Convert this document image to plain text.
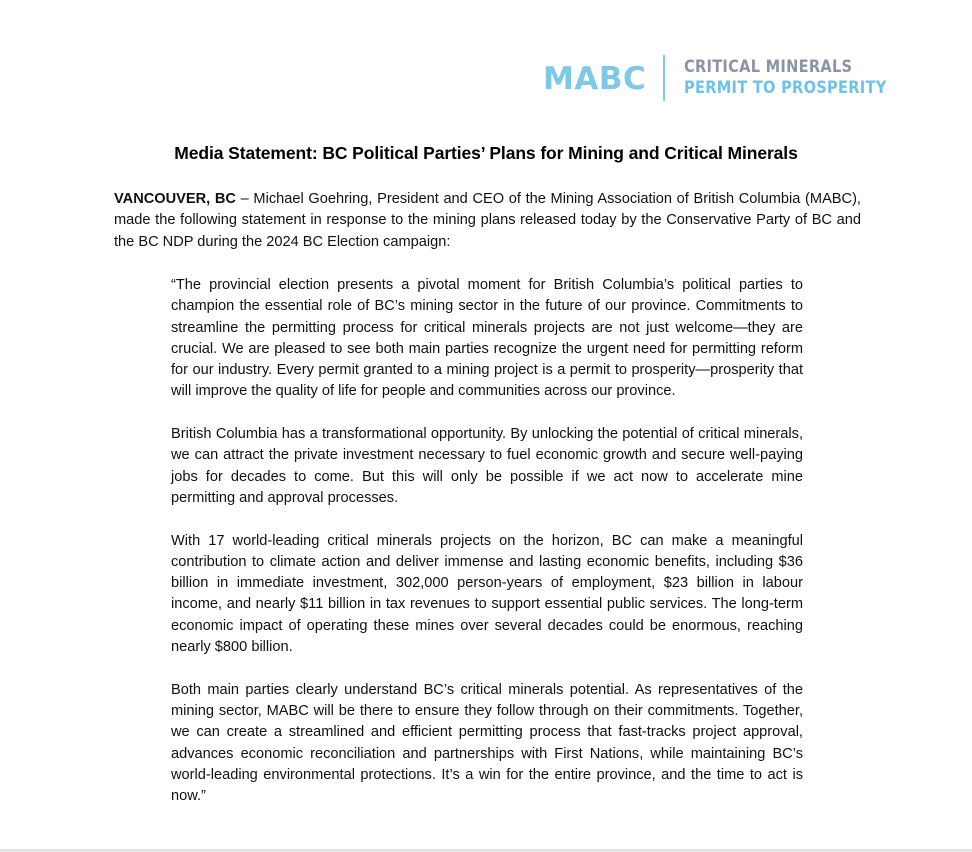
MABC CRITICAL MINERALS
PERMIT TO PROSPERITY
Media Statement: BC Political Parties’ Plans for Mining and Critical Minerals
VANCOUVER, BC – Michael Goehring, President and CEO of the Mining Association of British Columbia (MABC), made the following statement in response to the mining plans released today by the Conservative Party of BC and the BC NDP during the 2024 BC Election campaign:

“The provincial election presents a pivotal moment for British Columbia’s political parties to champion the essential role of BC’s mining sector in the future of our province. Commitments to streamline the permitting process for critical minerals projects are not just welcome—they are crucial. We are pleased to see both main parties recognize the urgent need for permitting reform for our industry. Every permit granted to a mining project is a permit to prosperity—prosperity that will improve the quality of life for people and communities across our province.

British Columbia has a transformational opportunity. By unlocking the potential of critical minerals, we can attract the private investment necessary to fuel economic growth and secure well-paying jobs for decades to come. But this will only be possible if we act now to accelerate mine permitting and approval processes.

With 17 world-leading critical minerals projects on the horizon, BC can make a meaningful contribution to climate action and deliver immense and lasting economic benefits, including $36 billion in immediate investment, 302,000 person-years of employment, $23 billion in labour income, and nearly $11 billion in tax revenues to support essential public services. The long-term economic impact of operating these mines over several decades could be enormous, reaching nearly $800 billion.

Both main parties clearly understand BC’s critical minerals potential. As representatives of the mining sector, MABC will be there to ensure they follow through on their commitments. Together, we can create a streamlined and efficient permitting process that fast-tracks project approval, advances economic reconciliation and partnerships with First Nations, while maintaining BC’s world-leading environmental protections. It’s a win for the entire province, and the time to act is now.”
